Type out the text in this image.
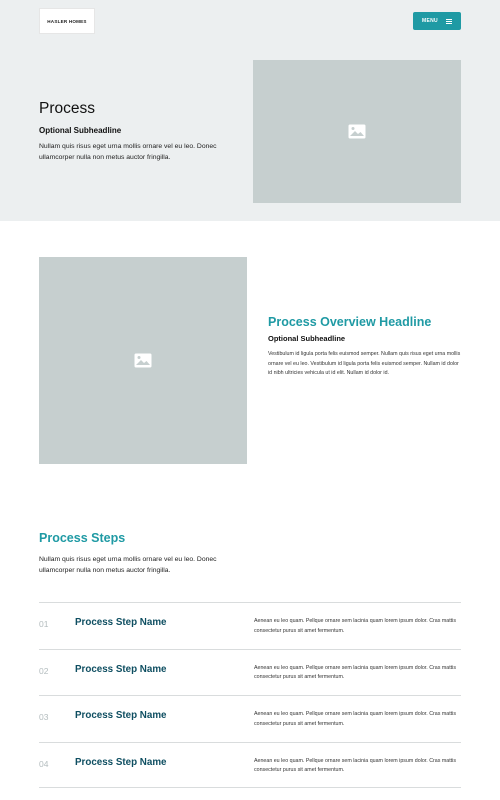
HASLER HOMES	MENU
Process
Optional Subheadline

Nullam quis risus eget urna mollis ornare vel eu leo. Donec ullamcorper nulla non metus auctor fringilla.

Process Overview Headline
Optional Subheadline

Vestibulum id ligula porta felis euismod semper. Nullam quis risus eget urna mollis ornare vel eu leo. Vestibulum id ligula porta felis euismod semper. Nullam id dolor id nibh ultricies vehicula ut id elit. Nullam id dolor id.

Process Steps

Nullam quis risus eget urna mollis ornare vel eu leo. Donec ullamcorper nulla non metus auctor fringilla.

01	Process Step Name	Aenean eu leo quam. Pellque ornare sem lacinia quam lorem ipsum dolor. Cras mattis consectetur purus sit amet fermentum.

02	Process Step Name	Aenean eu leo quam. Pellque ornare sem lacinia quam lorem ipsum dolor. Cras mattis consectetur purus sit amet fermentum.

03	Process Step Name	Aenean eu leo quam. Pellque ornare sem lacinia quam lorem ipsum dolor. Cras mattis consectetur purus sit amet fermentum.

04	Process Step Name	Aenean eu leo quam. Pellque ornare sem lacinia quam lorem ipsum dolor. Cras mattis consectetur purus sit amet fermentum.
